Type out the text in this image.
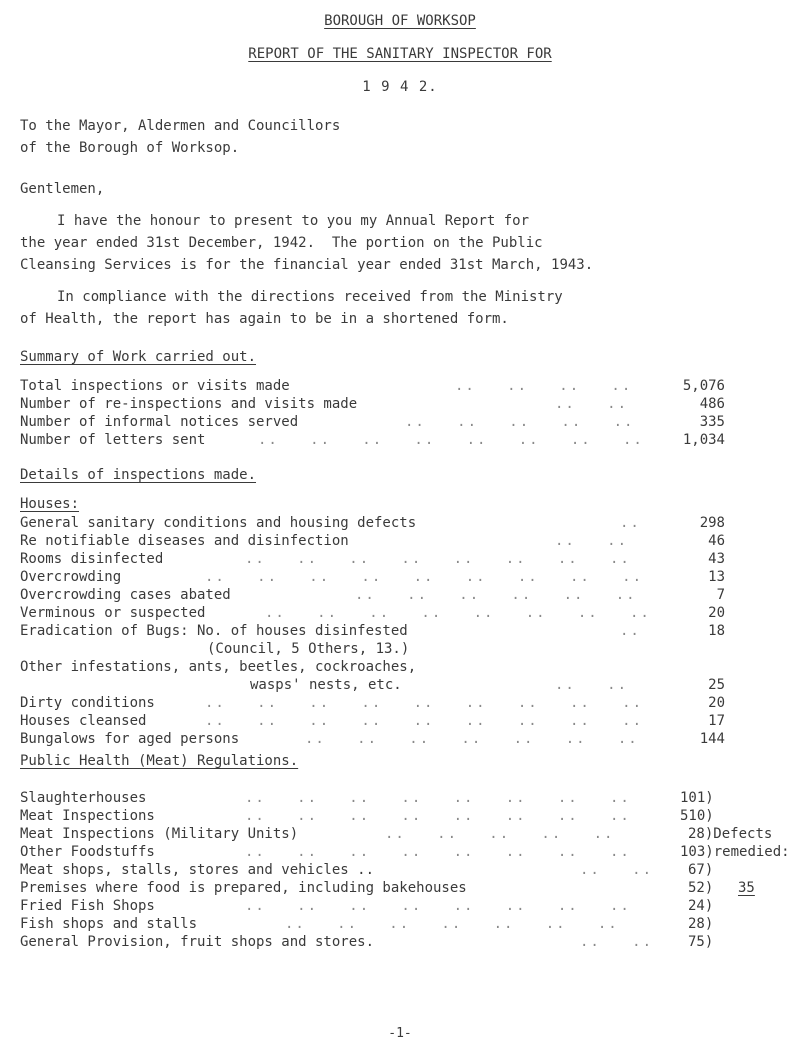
BOROUGH OF WORKSOP
REPORT OF THE SANITARY INSPECTOR FOR
1 9 4 2.
To the Mayor, Aldermen and Councillors
of the Borough of Worksop.
Gentlemen,
I have the honour to present to you my Annual Report for
the year ended 31st December, 1942.  The portion on the Public
Cleansing Services is for the financial year ended 31st March, 1943.
In compliance with the directions received from the Ministry
of Health, the report has again to be in a shortened form.
Summary of Work carried out.
Total inspections or visits made	..   ..   ..   ..	5,076
Number of re-inspections and visits made	..   ..	486
Number of informal notices served	..   ..   ..   ..   ..	335
Number of letters sent	..   ..   ..   ..   ..   ..   ..   ..	1,034
Details of inspections made.
Houses:
General sanitary conditions and housing defects	..	298
Re notifiable diseases and disinfection	..   ..	46
Rooms disinfected	..   ..   ..   ..   ..   ..   ..   ..	43
Overcrowding	..   ..   ..   ..   ..   ..   ..   ..   ..	13
Overcrowding cases abated	..   ..   ..   ..   ..   ..	7
Verminous or suspected	..   ..   ..   ..   ..   ..   ..   ..	20
Eradication of Bugs: No. of houses disinfested	..	18
(Council, 5 Others, 13.)
Other infestations, ants, beetles, cockroaches,
wasps' nests, etc.	..   ..	25
Dirty conditions	..   ..   ..   ..   ..   ..   ..   ..   ..	20
Houses cleansed	..   ..   ..   ..   ..   ..   ..   ..   ..	17
Bungalows for aged persons	..   ..   ..   ..   ..   ..   ..	144
Public Health (Meat) Regulations.
Slaughterhouses	..   ..   ..   ..   ..   ..   ..   ..	101)
Meat Inspections	..   ..   ..   ..   ..   ..   ..   ..	510)
Meat Inspections (Military Units)	..   ..   ..   ..   ..	28)Defects
Other Foodstuffs	..   ..   ..   ..   ..   ..   ..   ..	103)remedied:
Meat shops, stalls, stores and vehicles ..	..   .. 67)
Premises where food is prepared, including bakehouses	52) 35
Fried Fish Shops	..   ..   ..   ..   ..   ..   ..   ..	24)
Fish shops and stalls	..   ..   ..   ..   ..   ..   ..	28)
General Provision, fruit shops and stores.	..   .. 75)
-1-
